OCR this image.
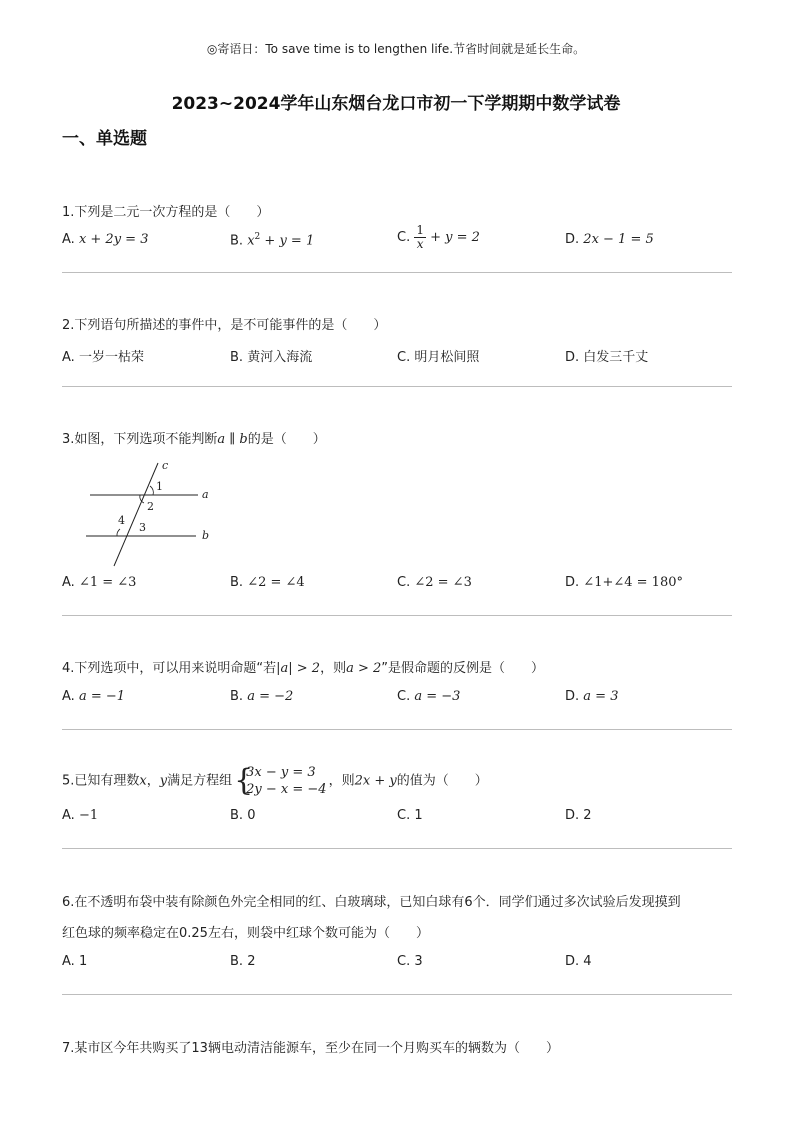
◎寄语日：To save time is to lengthen life.节省时间就是延长生命。
2023~2024学年山东烟台龙口市初一下学期期中数学试卷
一、单选题
1.下列是二元一次方程的是（　　）
A. x + 2y = 3	B. $x^2 + y = 1$	C. $\frac{1}{x} + y = 2$	D. 2x − 1 = 5
2.下列语句所描述的事件中，是不可能事件的是（　　）
A. 一岁一枯荣	B. 黄河入海流	C. 明月松间照	D. 白发三千丈
3.如图，下列选项不能判断a ∥ b的是（　　）
c
a
b
1
2
3
4
A. ∠1 = ∠3	B. ∠2 = ∠4	C. ∠2 = ∠3	D. ∠1+∠4 = 180°
4.下列选项中，可以用来说明命题“若|a| > 2，则a > 2”是假命题的反例是（　　）
A. a = −1	B. a = −2	C. a = −3	D. a = 3
5.已知有理数x，y满足方程组 {
3x − y = 3
2y − x = −4
，则2x + y的值为（　　）
A. −1	B. 0	C. 1	D. 2
6.在不透明布袋中装有除颜色外完全相同的红、白玻璃球，已知白球有6个．同学们通过多次试验后发现摸到
红色球的频率稳定在0.25左右，则袋中红球个数可能为（　　）
A. 1	B. 2	C. 3	D. 4
7.某市区今年共购买了13辆电动清洁能源车，至少在同一个月购买车的辆数为（　　）
